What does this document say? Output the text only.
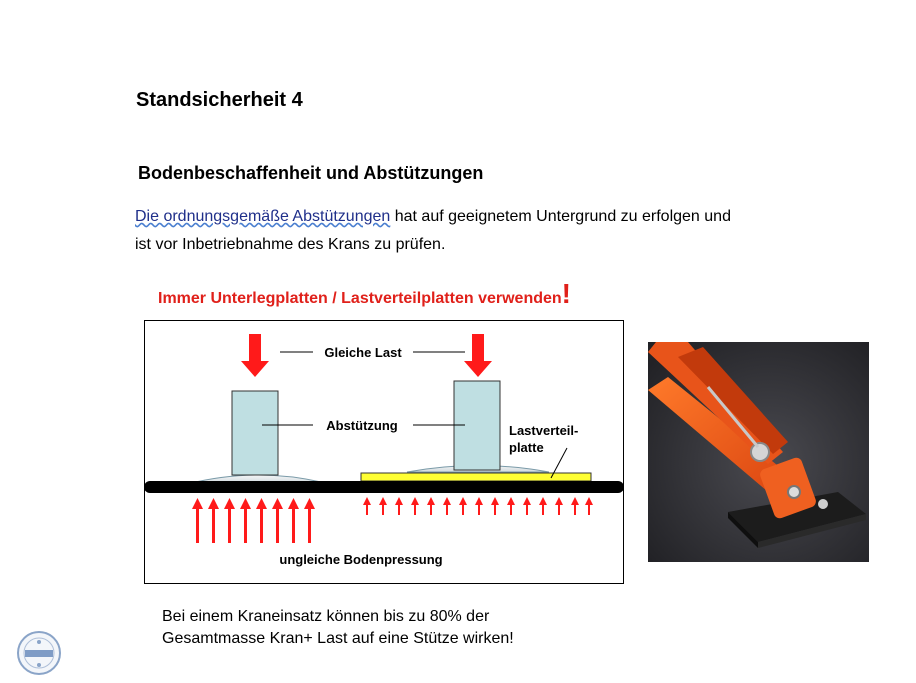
Standsicherheit 4
Bodenbeschaffenheit und Abstützungen
Die ordnungsgemäße Abstützungen hat auf geeignetem Untergrund zu erfolgen und
ist vor Inbetriebnahme des Krans zu prüfen.
Immer Unterlegplatten / Lastverteilplatten verwenden!
Gleiche Last
Abstützung	Lastverteil-
platte
ungleiche Bodenpressung
Bei einem Kraneinsatz können bis zu 80% der
Gesamtmasse Kran+ Last auf eine Stütze wirken!
